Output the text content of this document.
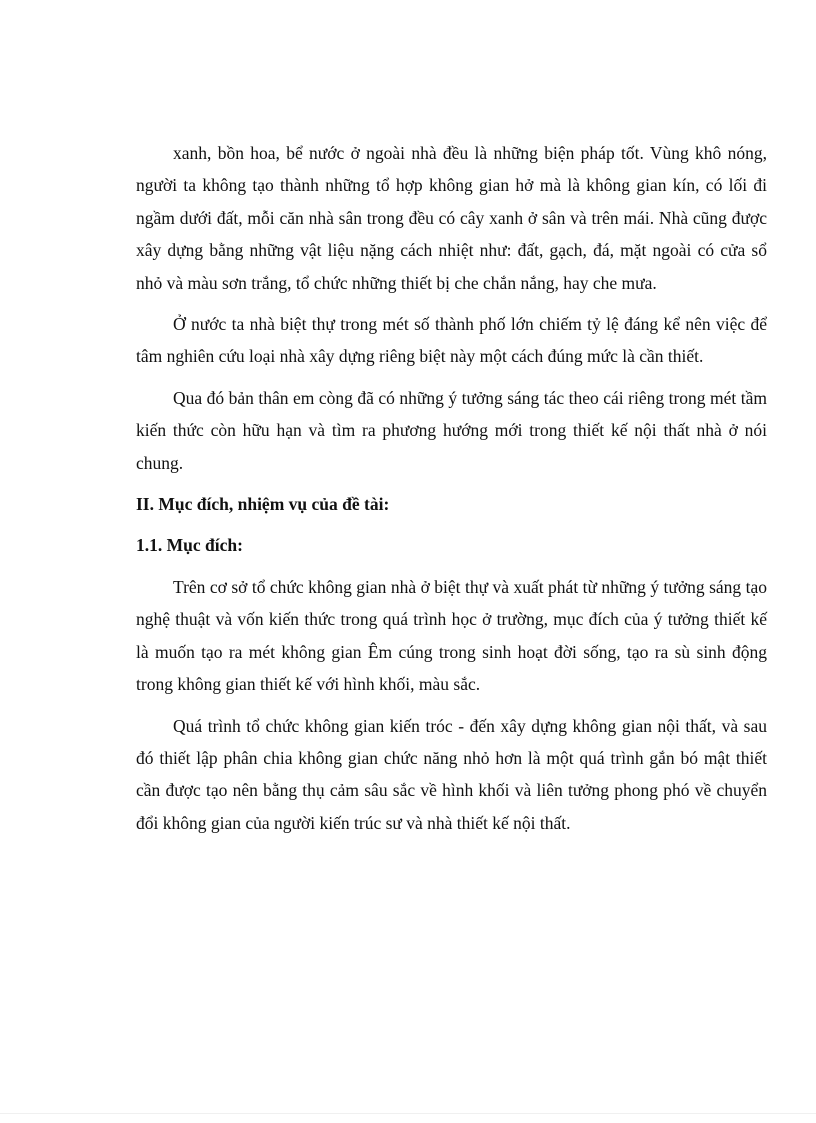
xanh, bồn hoa, bể nước ở ngoài nhà đều là những biện pháp tốt. Vùng khô nóng, người ta không tạo thành những tổ hợp không gian hở mà là không gian kín, có lối đi ngầm dưới đất, mỗi căn nhà sân trong đều có cây xanh ở sân và trên mái. Nhà cũng được xây dựng bằng những vật liệu nặng cách nhiệt như: đất, gạch, đá, mặt ngoài có cửa sổ nhỏ và màu sơn trắng, tổ chức những thiết bị che chắn nắng, hay che mưa.

Ở nước ta nhà biệt thự trong mét số thành phố lớn chiếm tỷ lệ đáng kể nên việc để tâm nghiên cứu loại nhà xây dựng riêng biệt này một cách đúng mức là cần thiết.

Qua đó bản thân em còng đã có những ý tưởng sáng tác theo cái riêng trong mét tầm kiến thức còn hữu hạn và tìm ra phương hướng mới trong thiết kế nội thất nhà ở nói chung.

II. Mục đích, nhiệm vụ của đề tài:

1.1. Mục đích:

Trên cơ sở tổ chức không gian nhà ở biệt thự và xuất phát từ những ý tưởng sáng tạo nghệ thuật và vốn kiến thức trong quá trình học ở trường, mục đích của ý tưởng thiết kế là muốn tạo ra mét không gian Êm cúng trong sinh hoạt đời sống, tạo ra sù sinh động trong không gian thiết kế với hình khối, màu sắc.

Quá trình tổ chức không gian kiến tróc - đến xây dựng không gian nội thất, và sau đó thiết lập phân chia không gian chức năng nhỏ hơn là một quá trình gắn bó mật thiết cần được tạo nên bằng thụ cảm sâu sắc về hình khối và liên tưởng phong phó về chuyển đổi không gian của người kiến trúc sư và nhà thiết kế nội thất.
